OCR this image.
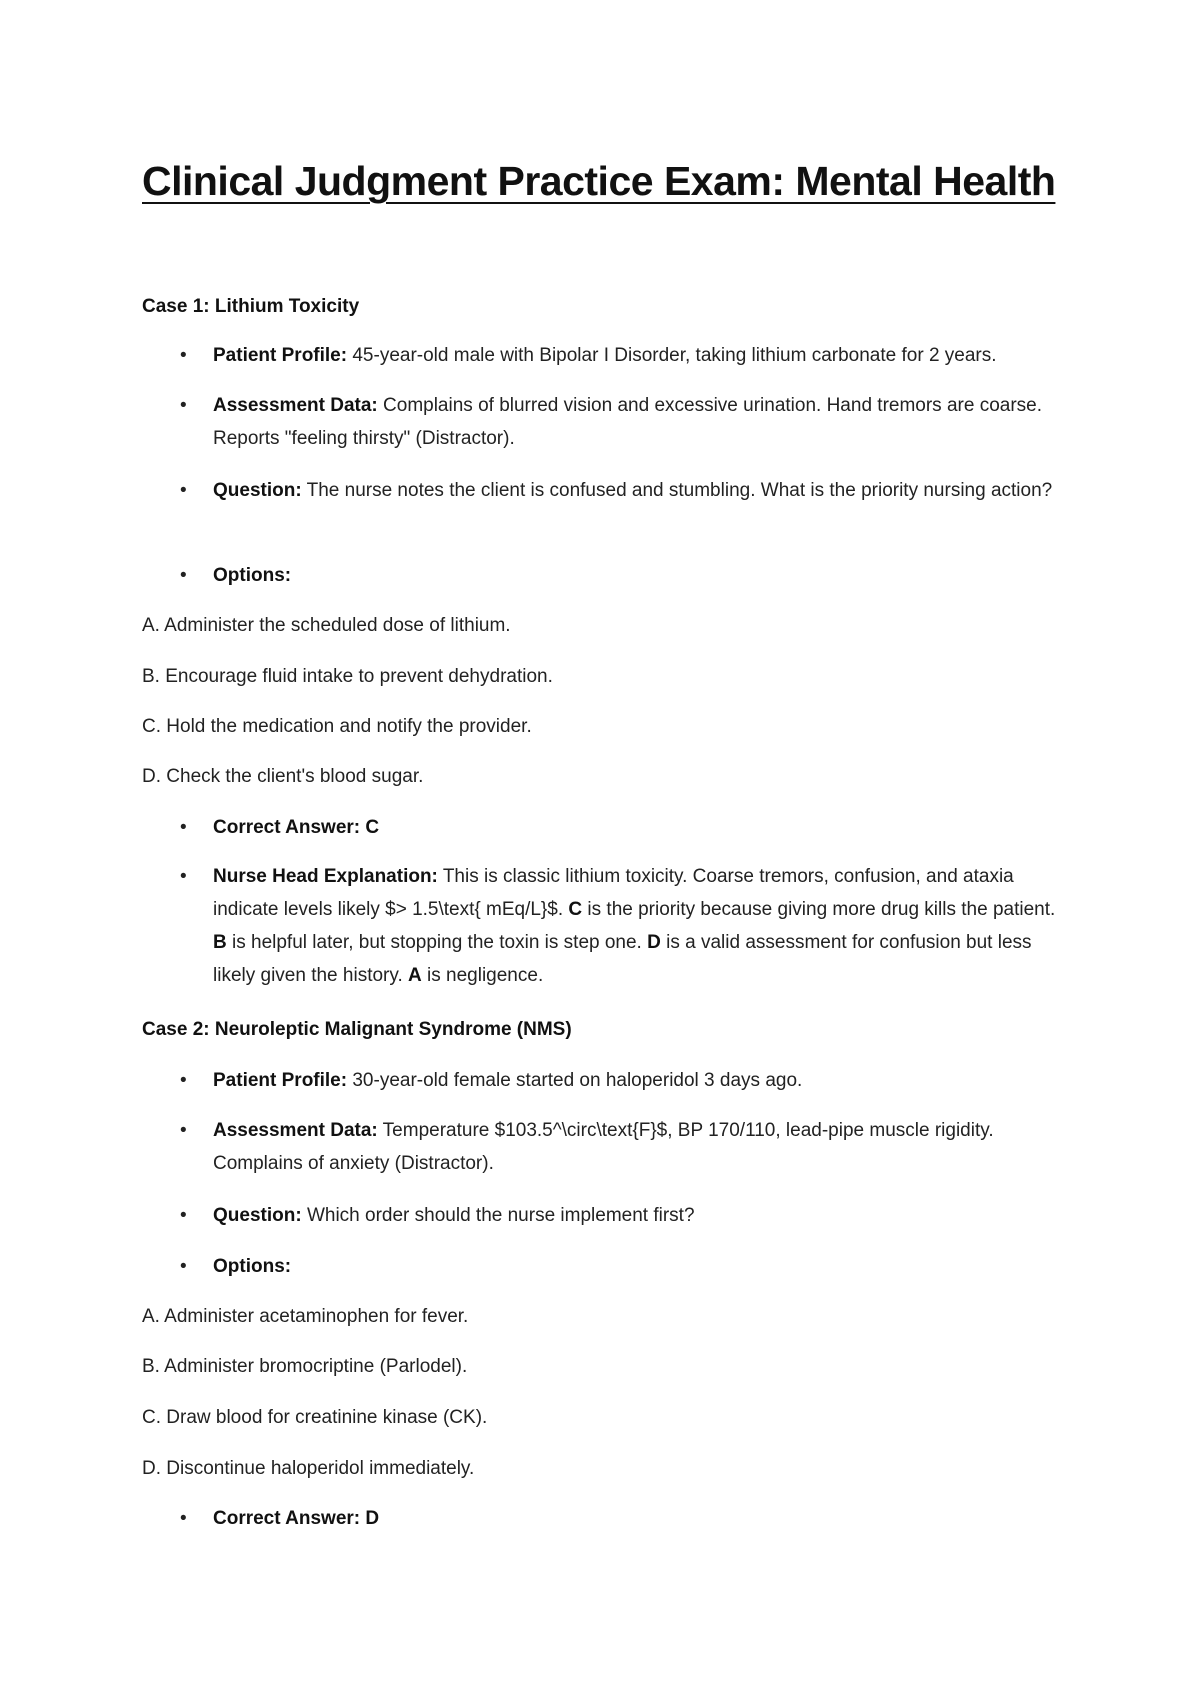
Clinical Judgment Practice Exam: Mental Health
Case 1: Lithium Toxicity
• Patient Profile: 45-year-old male with Bipolar I Disorder, taking lithium carbonate for 2 years.
• Assessment Data: Complains of blurred vision and excessive urination. Hand tremors are coarse. Reports "feeling thirsty" (Distractor).
• Question: The nurse notes the client is confused and stumbling. What is the priority nursing action?
• Options:
A. Administer the scheduled dose of lithium.
B. Encourage fluid intake to prevent dehydration.
C. Hold the medication and notify the provider.
D. Check the client's blood sugar.
• Correct Answer: C
• Nurse Head Explanation: This is classic lithium toxicity. Coarse tremors, confusion, and ataxia indicate levels likely $> 1.5\text{ mEq/L}$. C is the priority because giving more drug kills the patient. B is helpful later, but stopping the toxin is step one. D is a valid assessment for confusion but less likely given the history. A is negligence.
Case 2: Neuroleptic Malignant Syndrome (NMS)
• Patient Profile: 30-year-old female started on haloperidol 3 days ago.
• Assessment Data: Temperature $103.5^\circ\text{F}$, BP 170/110, lead-pipe muscle rigidity. Complains of anxiety (Distractor).
• Question: Which order should the nurse implement first?
• Options:
A. Administer acetaminophen for fever.
B. Administer bromocriptine (Parlodel).
C. Draw blood for creatinine kinase (CK).
D. Discontinue haloperidol immediately.
• Correct Answer: D
